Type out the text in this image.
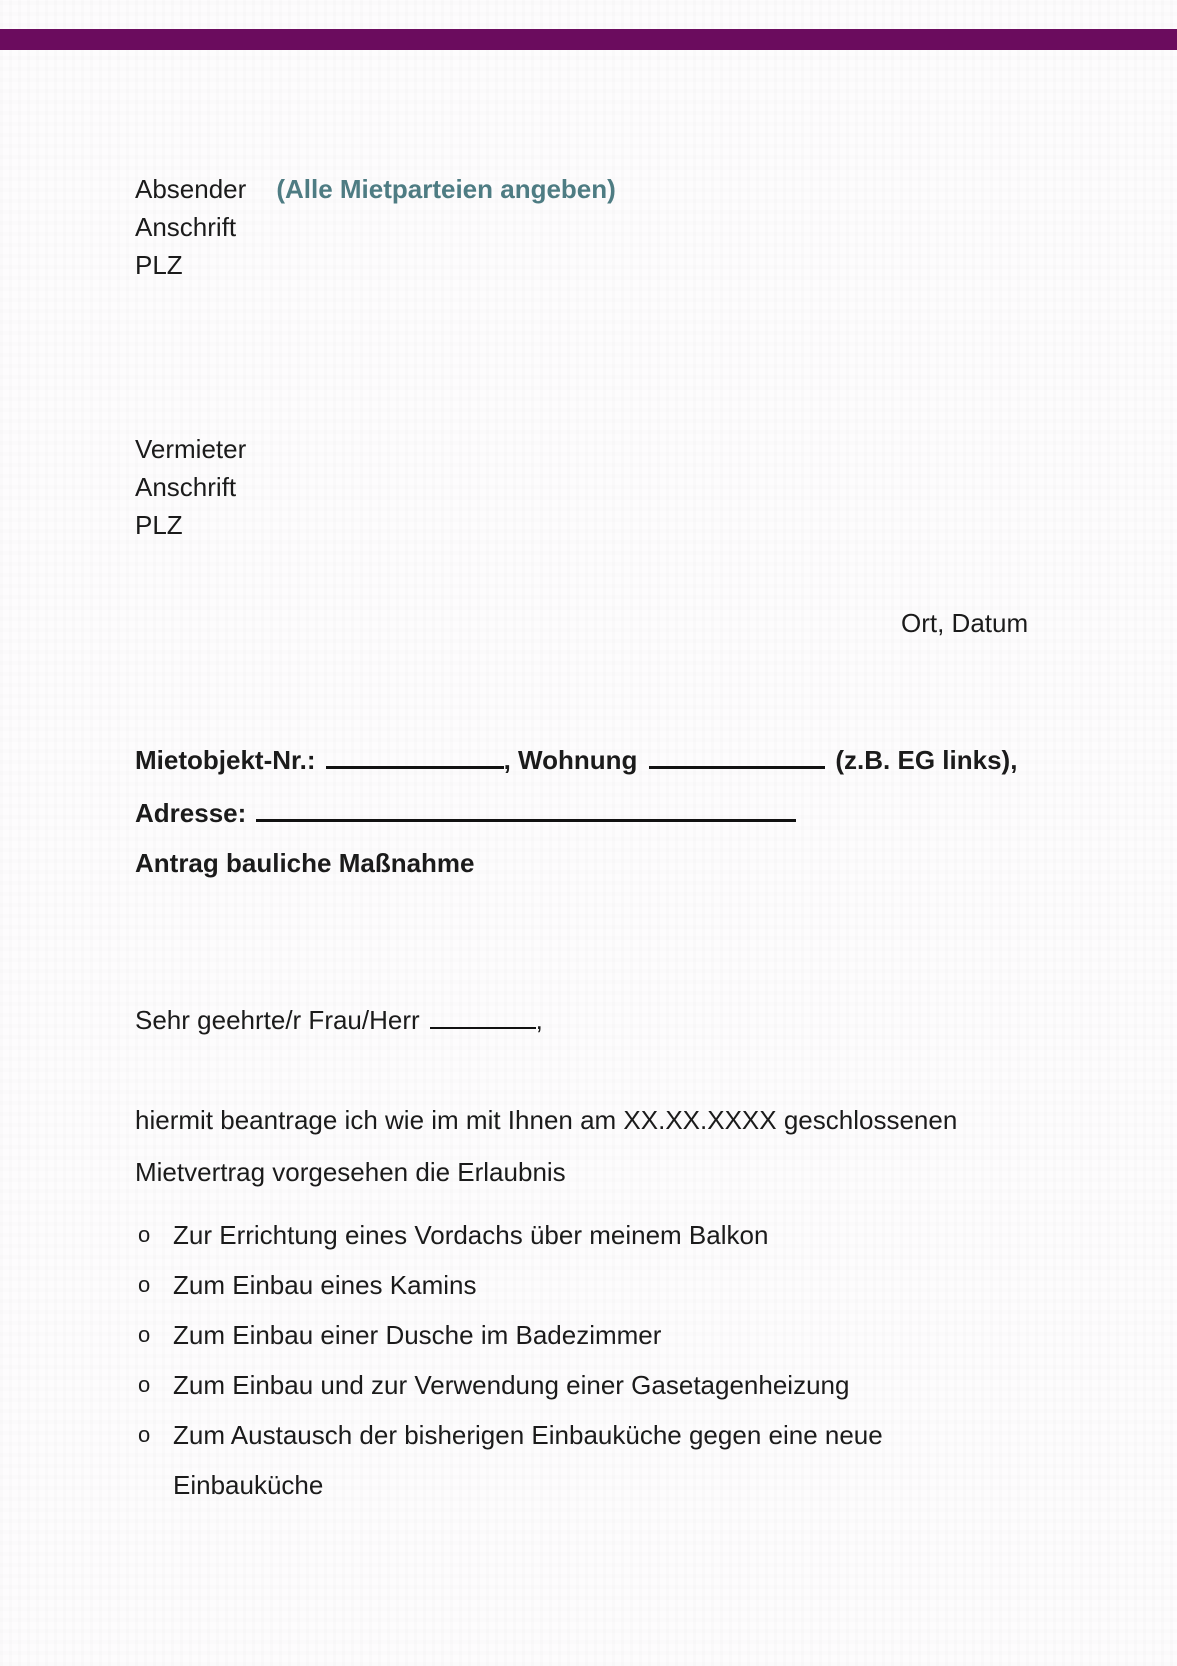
Absender (Alle Mietparteien angeben)
Anschrift
PLZ
Vermieter
Anschrift
PLZ
Ort, Datum
Mietobjekt-Nr.:	, Wohnung	(z.B. EG links),
Adresse:
Antrag bauliche Maßnahme
Sehr geehrte/r Frau/Herr	,
hiermit beantrage ich wie im mit Ihnen am XX.XX.XXXX geschlossenen
Mietvertrag vorgesehen die Erlaubnis
o Zur Errichtung eines Vordachs über meinem Balkon
o Zum Einbau eines Kamins
o Zum Einbau einer Dusche im Badezimmer
o Zum Einbau und zur Verwendung einer Gasetagenheizung
o Zum Austausch der bisherigen Einbauküche gegen eine neue Einbauküche
